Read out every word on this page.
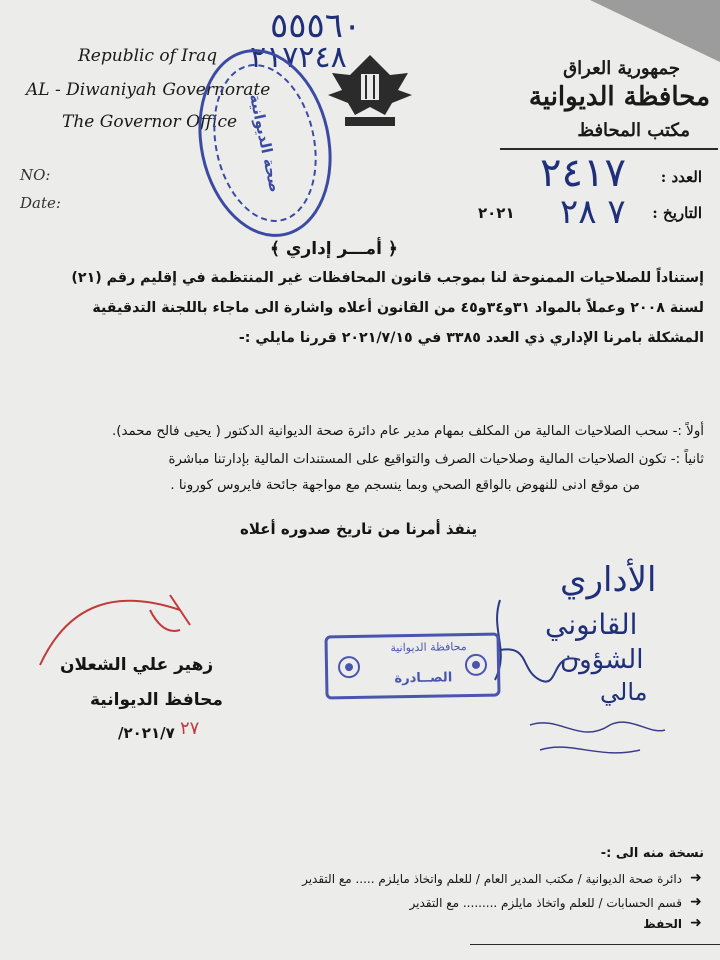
٥٥٥٦٠
٢١٧٢٤٨
Republic of Iraq
AL - Diwaniyah Governorate
The Governor Office صحة الديوانية
جمهورية العراق
محافظة الديوانية
مكتب المحافظ
NO:
Date:
العدد :
التاريخ :
٢٤١٧
٧ ٢٨
٢٠٢١
﴿ أمـــر إداري ﴾
إستناداً للصلاحيات الممنوحة لنا بموجب قانون المحافظات غير المنتظمة في إقليم رقم (٢١)
لسنة ٢٠٠٨ وعملاً بالمواد ٣١و٣٤و٤٥ من القانون أعلاه واشارة الى ماجاء باللجنة التدقيقية
المشكلة بامرنا الإداري ذي العدد ٣٣٨٥ في ٢٠٢١/٧/١٥ قررنا مايلي :-
أولاً :- سحب الصلاحيات المالية من المكلف بمهام مدير عام دائرة صحة الديوانية الدكتور ( يحيى فالح محمد).
ثانياً :- تكون الصلاحيات المالية وصلاحيات الصرف والتواقيع على المستندات المالية بإدارتنا مباشرة
من موقع ادنى للنهوض بالواقع الصحي وبما ينسجم مع مواجهة جائحة فايروس كورونا .
ينفذ أمرنا من تاريخ صدوره أعلاه
الأداري
القانوني
الشؤون
مالي
محافظة الديوانية
الصــادرة
زهير علي الشعلان
محافظ الديوانية
٢٠٢١/٧/ ٢٧
نسخة منه الى :-
دائرة صحة الديوانية / مكتب المدير العام / للعلم واتخاذ مايلزم ..... مع التقدير
قسم الحسابات / للعلم واتخاذ مايلزم ......... مع التقدير
الحفظ
➜
➜
➜
